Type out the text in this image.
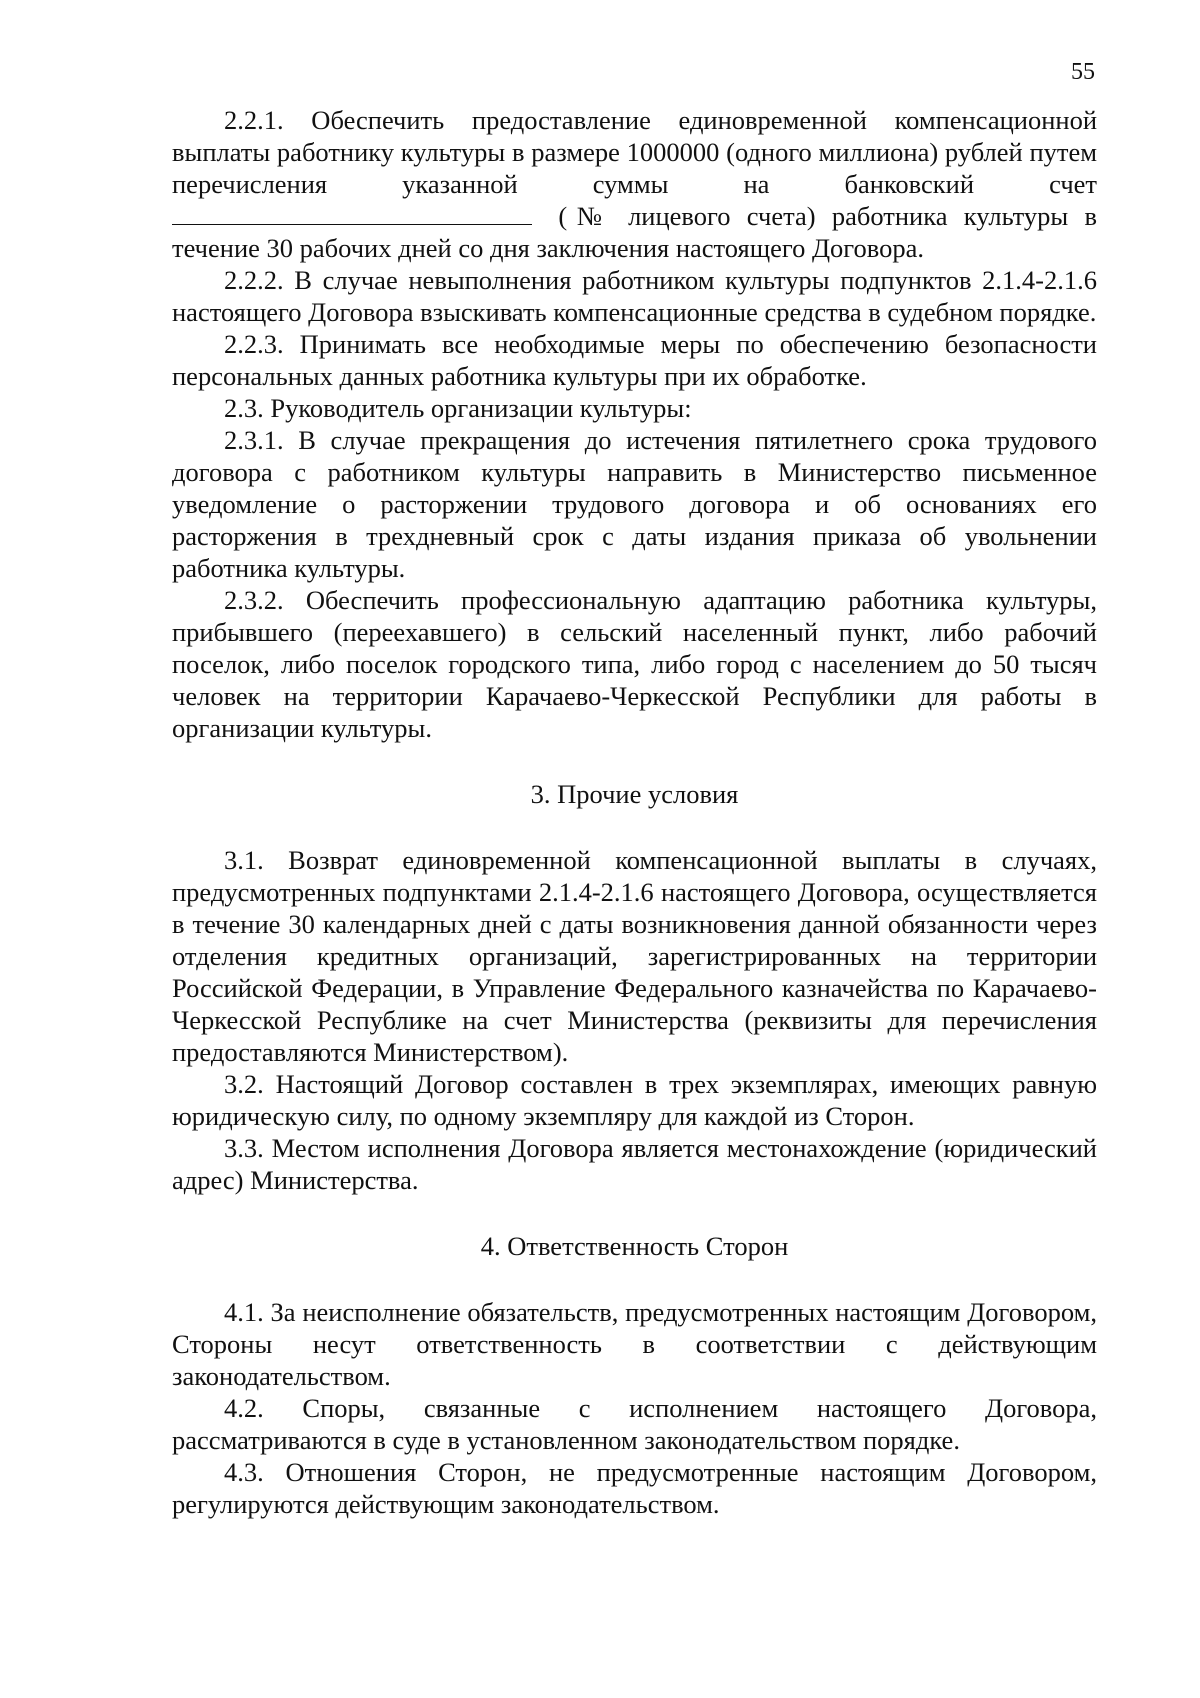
55

2.2.1. Обеспечить предоставление единовременной компенсационной выплаты работнику культуры в размере 1000000 (одного миллиона) рублей путем перечисления указанной суммы на банковский счет  (№ лицевого счета) работника культуры в течение 30 рабочих дней со дня заключения настоящего Договора.

2.2.2. В случае невыполнения работником культуры подпунктов 2.1.4-2.1.6 настоящего Договора взыскивать компенсационные средства в судебном порядке.

2.2.3. Принимать все необходимые меры по обеспечению безопасности персональных данных работника культуры при их обработке.

2.3. Руководитель организации культуры:

2.3.1. В случае прекращения до истечения пятилетнего срока трудового договора с работником культуры направить в Министерство письменное уведомление о расторжении трудового договора и об основаниях его расторжения в трехдневный срок с даты издания приказа об увольнении работника культуры.

2.3.2. Обеспечить профессиональную адаптацию работника культуры, прибывшего (переехавшего) в сельский населенный пункт, либо рабочий поселок, либо поселок городского типа, либо город с населением до 50 тысяч человек на территории Карачаево-Черкесской Республики для работы в организации культуры.

3. Прочие условия

3.1. Возврат единовременной компенсационной выплаты в случаях, предусмотренных подпунктами 2.1.4-2.1.6 настоящего Договора, осуществляется в течение 30 календарных дней с даты возникновения данной обязанности через отделения кредитных организаций, зарегистрированных на территории Российской Федерации, в Управление Федерального казначейства по Карачаево-Черкесской Республике на счет Министерства (реквизиты для перечисления предоставляются Министерством).

3.2. Настоящий Договор составлен в трех экземплярах, имеющих равную юридическую силу, по одному экземпляру для каждой из Сторон.

3.3. Местом исполнения Договора является местонахождение (юридический адрес) Министерства.

4. Ответственность Сторон

4.1. За неисполнение обязательств, предусмотренных настоящим Договором, Стороны несут ответственность в соответствии с действующим законодательством.

4.2. Споры, связанные с исполнением настоящего Договора, рассматриваются в суде в установленном законодательством порядке.

4.3. Отношения Сторон, не предусмотренные настоящим Договором, регулируются действующим законодательством.
